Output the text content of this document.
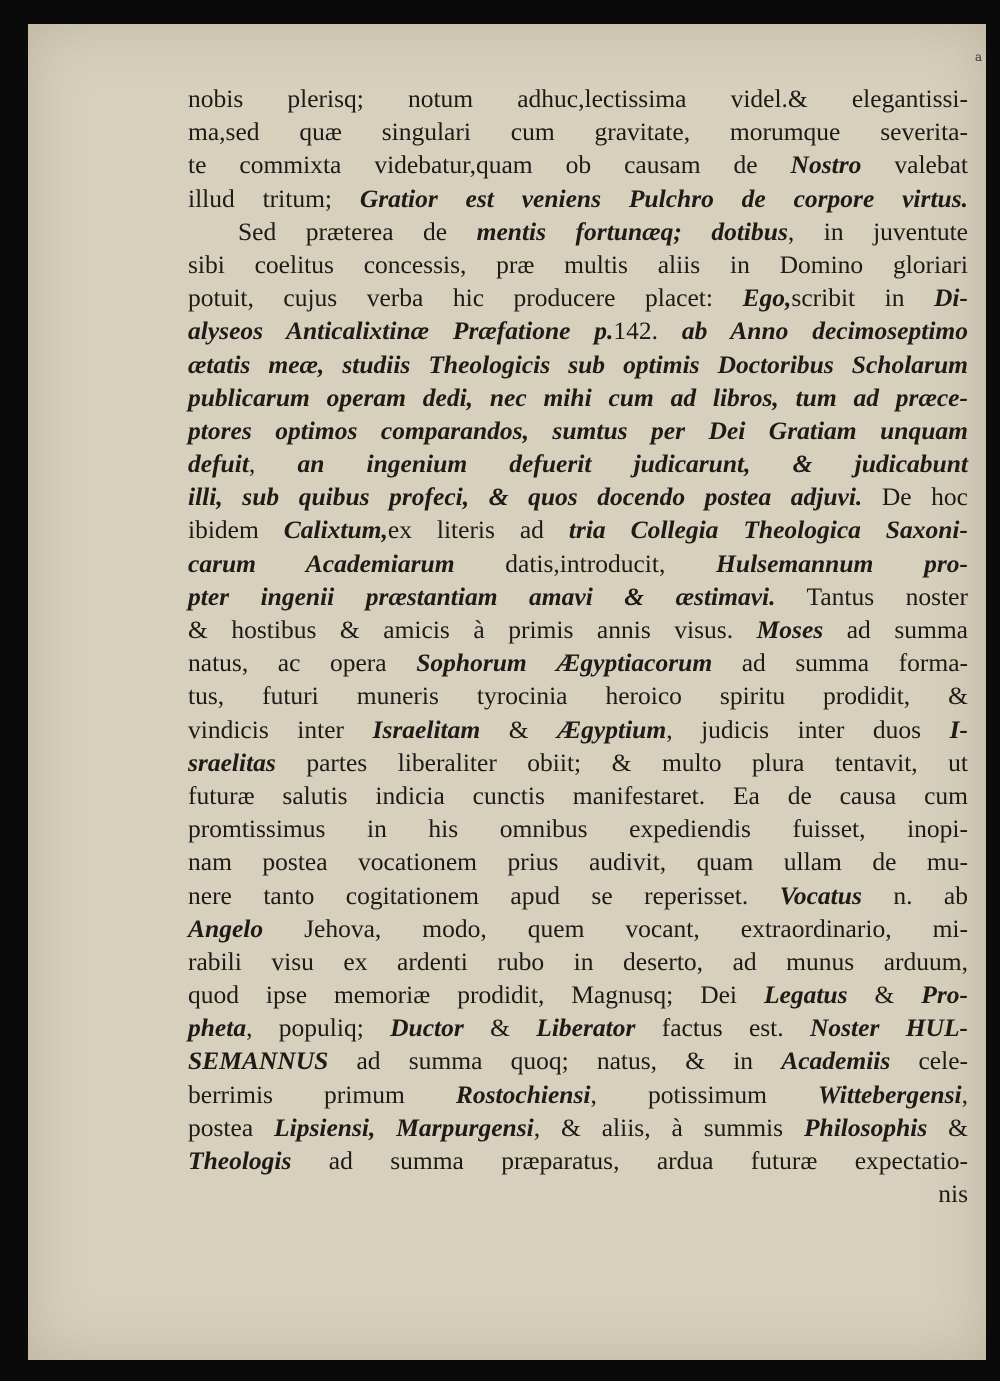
a
nobis plerisq; notum adhuc,lectissima videl.& elegantissi-
ma,sed quæ singulari cum gravitate, morumque severita-
te commixta videbatur,quam ob causam de Nostro valebat
illud tritum; Gratior est veniens Pulchro de corpore virtus.
Sed præterea de mentis fortunæq; dotibus, in juventute
sibi coelitus concessis, præ multis aliis in Domino gloriari
potuit, cujus verba hic producere placet: Ego,scribit in Di-
alyseos Anticalixtinæ Præfatione p.142. ab Anno decimoseptimo
ætatis meæ, studiis Theologicis sub optimis Doctoribus Scholarum
publicarum operam dedi, nec mihi cum ad libros, tum ad præce-
ptores optimos comparandos, sumtus per Dei Gratiam unquam
defuit, an ingenium defuerit judicarunt, & judicabunt
illi, sub quibus profeci, & quos docendo postea adjuvi. De hoc
ibidem Calixtum,ex literis ad tria Collegia Theologica Saxoni-
carum Academiarum datis,introducit, Hulsemannum pro-
pter ingenii præstantiam amavi & æstimavi. Tantus noster
& hostibus & amicis à primis annis visus. Moses ad summa
natus, ac opera Sophorum Ægyptiacorum ad summa forma-
tus, futuri muneris tyrocinia heroico spiritu prodidit, &
vindicis inter Israelitam & Ægyptium, judicis inter duos I-
sraelitas partes liberaliter obiit; & multo plura tentavit, ut
futuræ salutis indicia cunctis manifestaret. Ea de causa cum
promtissimus in his omnibus expediendis fuisset, inopi-
nam postea vocationem prius audivit, quam ullam de mu-
nere tanto cogitationem apud se reperisset. Vocatus n. ab
Angelo Jehova, modo, quem vocant, extraordinario, mi-
rabili visu ex ardenti rubo in deserto, ad munus arduum,
quod ipse memoriæ prodidit, Magnusq; Dei Legatus & Pro-
pheta, populiq; Ductor & Liberator factus est. Noster HUL-
SEMANNUS ad summa quoq; natus, & in Academiis cele-
berrimis primum Rostochiensi, potissimum Wittebergensi,
postea Lipsiensi, Marpurgensi, & aliis, à summis Philosophis &
Theologis ad summa præparatus, ardua futuræ expectatio-
nis
